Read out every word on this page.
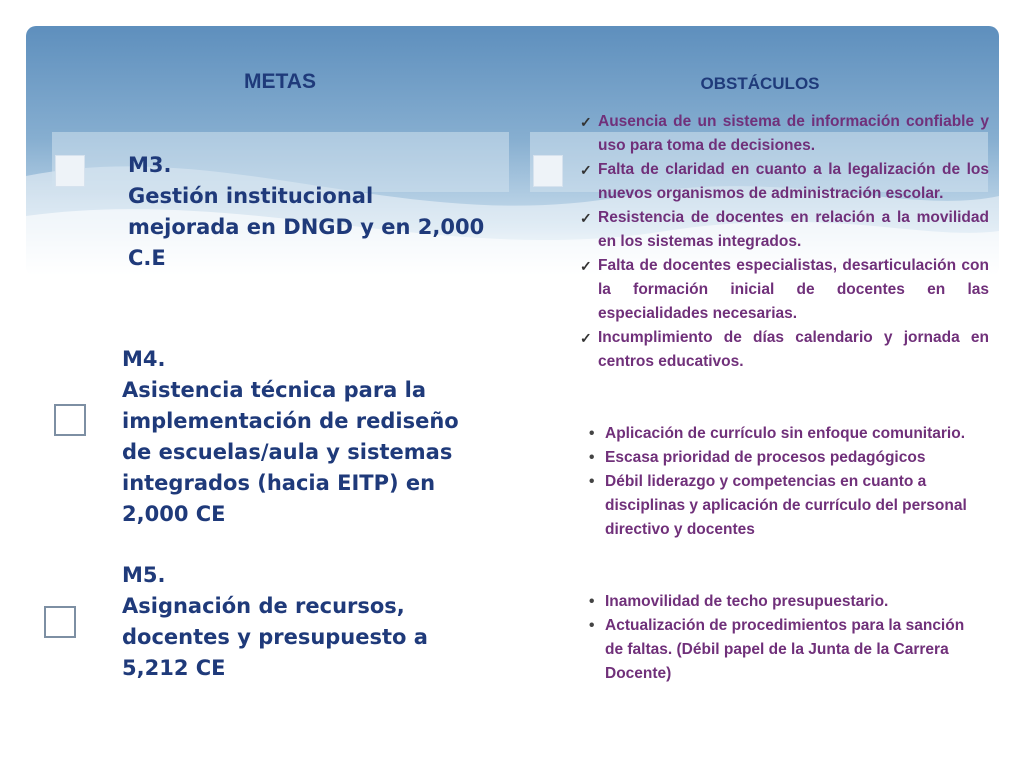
METAS	OBSTÁCULOS
M3.
Gestión institucional
mejorada en DNGD y en 2,000
C.E
M4.
Asistencia técnica para la
implementación de rediseño
de escuelas/aula y sistemas
integrados (hacia EITP) en
2,000 CE
M5.
Asignación de recursos,
docentes y presupuesto a
5,212 CE
✓ Ausencia de un sistema de información confiable y uso para toma de decisiones.
✓ Falta de claridad en cuanto a la legalización de los nuevos organismos de administración escolar.
✓ Resistencia de docentes en relación a la movilidad en los sistemas integrados.
✓ Falta de docentes especialistas, desarticulación con la formación inicial de docentes en las especialidades necesarias.
✓ Incumplimiento de días calendario y jornada en centros educativos.
• Aplicación de currículo sin enfoque comunitario.
• Escasa prioridad de procesos pedagógicos
• Débil liderazgo y competencias en cuanto a disciplinas y aplicación de currículo del personal directivo y docentes
• Inamovilidad de techo presupuestario.
• Actualización de procedimientos para la sanción de faltas. (Débil papel de la Junta de la Carrera Docente)
